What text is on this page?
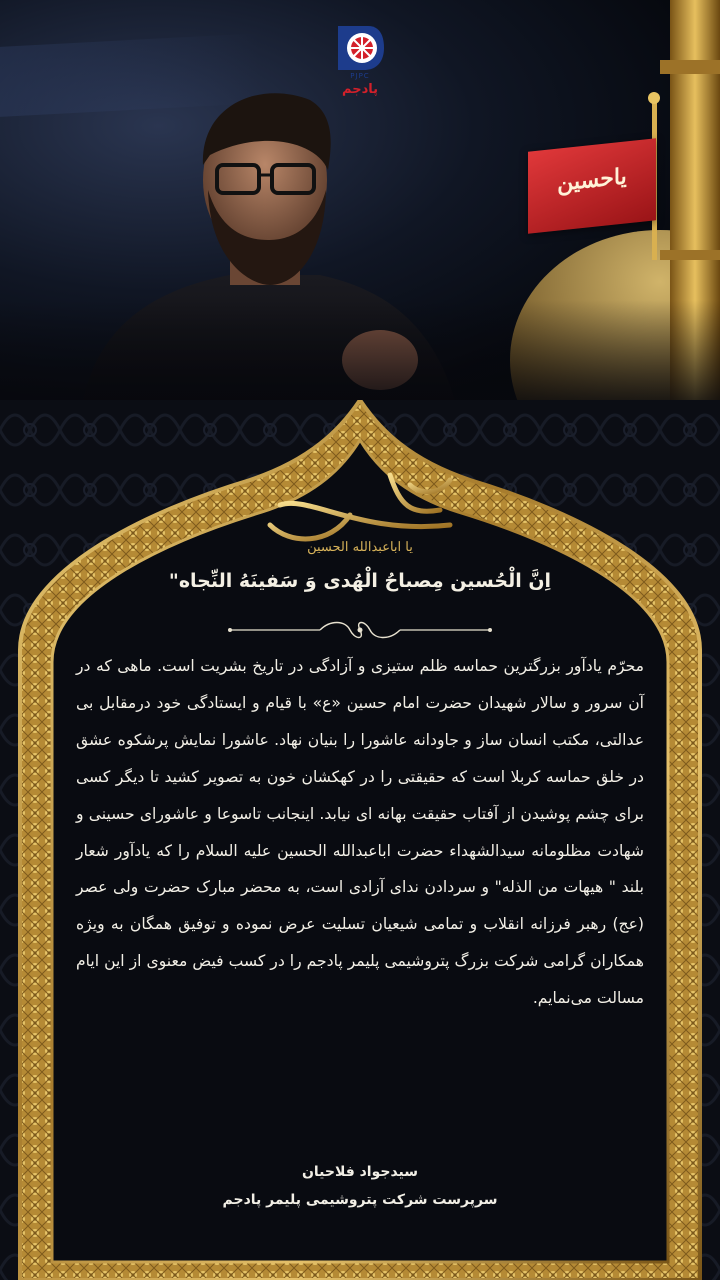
یاحسین
PJPC
پادجم
یا اباعبدالله الحسین
اِنَّ الْحُسین مِصباحُ الْهُدی وَ سَفینَهُ النِّجاه"
محرّم یادآور بزرگترین حماسه ظلم ستیزی و آزادگی در تاریخ بشریت است. ماهی که در آن سرور و سالار شهیدان حضرت امام حسین «ع» با قیام و ایستادگی خود درمقابل بی عدالتی، مکتب انسان ساز و جاودانه عاشورا را بنیان نهاد. عاشورا نمایش پرشکوه عشق در خلق حماسه کربلا است که حقیقتی را در کهکشان خون به تصویر کشید تا دیگر کسی برای چشم پوشیدن از آفتاب حقیقت بهانه ای نیابد. اینجانب تاسوعا و عاشورای حسینی و شهادت مظلومانه سیدالشهداء حضرت اباعبدالله الحسین علیه السلام را که یادآور شعار بلند " هیهات من الذله" و سردادن ندای آزادی است، به محضر مبارک حضرت ولی عصر (عج) رهبر فرزانه انقلاب و تمامی شیعیان تسلیت عرض نموده و توفیق همگان به ویژه همکاران گرامی شرکت بزرگ پتروشیمی پلیمر پادجم را در کسب فیض معنوی از این ایام مسالت می‌نمایم.
سیدجواد فلاحیان
سرپرست شرکت پتروشیمی پلیمر پادجم
